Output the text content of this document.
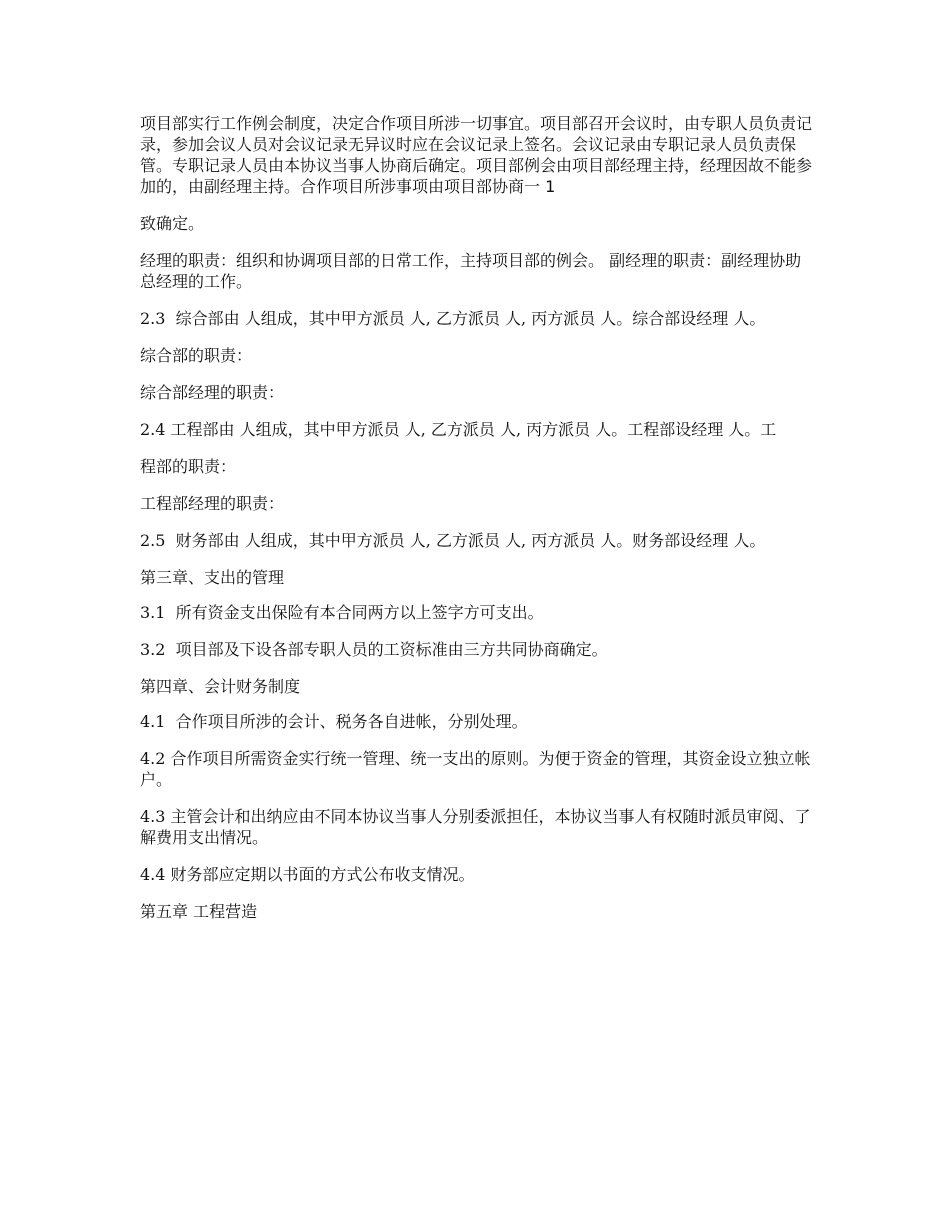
项目部实行工作例会制度，决定合作项目所涉一切事宜。项目部召开会议时，由专职人员负责记录，参加会议人员对会议记录无异议时应在会议记录上签名。会议记录由专职记录人员负责保管。专职记录人员由本协议当事人协商后确定。项目部例会由项目部经理主持，经理因故不能参加的，由副经理主持。合作项目所涉事项由项目部协商一 1

致确定。

经理的职责：组织和协调项目部的日常工作，主持项目部的例会。 副经理的职责：副经理协助总经理的工作。

2.3  综合部由 人组成，其中甲方派员 人, 乙方派员 人, 丙方派员 人。综合部设经理 人。

综合部的职责：

综合部经理的职责：

2.4 工程部由 人组成，其中甲方派员 人, 乙方派员 人, 丙方派员 人。工程部设经理 人。工

程部的职责：

工程部经理的职责：

2.5  财务部由 人组成，其中甲方派员 人, 乙方派员 人, 丙方派员 人。财务部设经理 人。

第三章、支出的管理

3.1  所有资金支出保险有本合同两方以上签字方可支出。

3.2  项目部及下设各部专职人员的工资标准由三方共同协商确定。

第四章、会计财务制度

4.1  合作项目所涉的会计、税务各自进帐，分别处理。

4.2 合作项目所需资金实行统一管理、统一支出的原则。为便于资金的管理，其资金设立独立帐户。

4.3 主管会计和出纳应由不同本协议当事人分别委派担任，本协议当事人有权随时派员审阅、了解费用支出情况。

4.4 财务部应定期以书面的方式公布收支情况。

第五章 工程营造
